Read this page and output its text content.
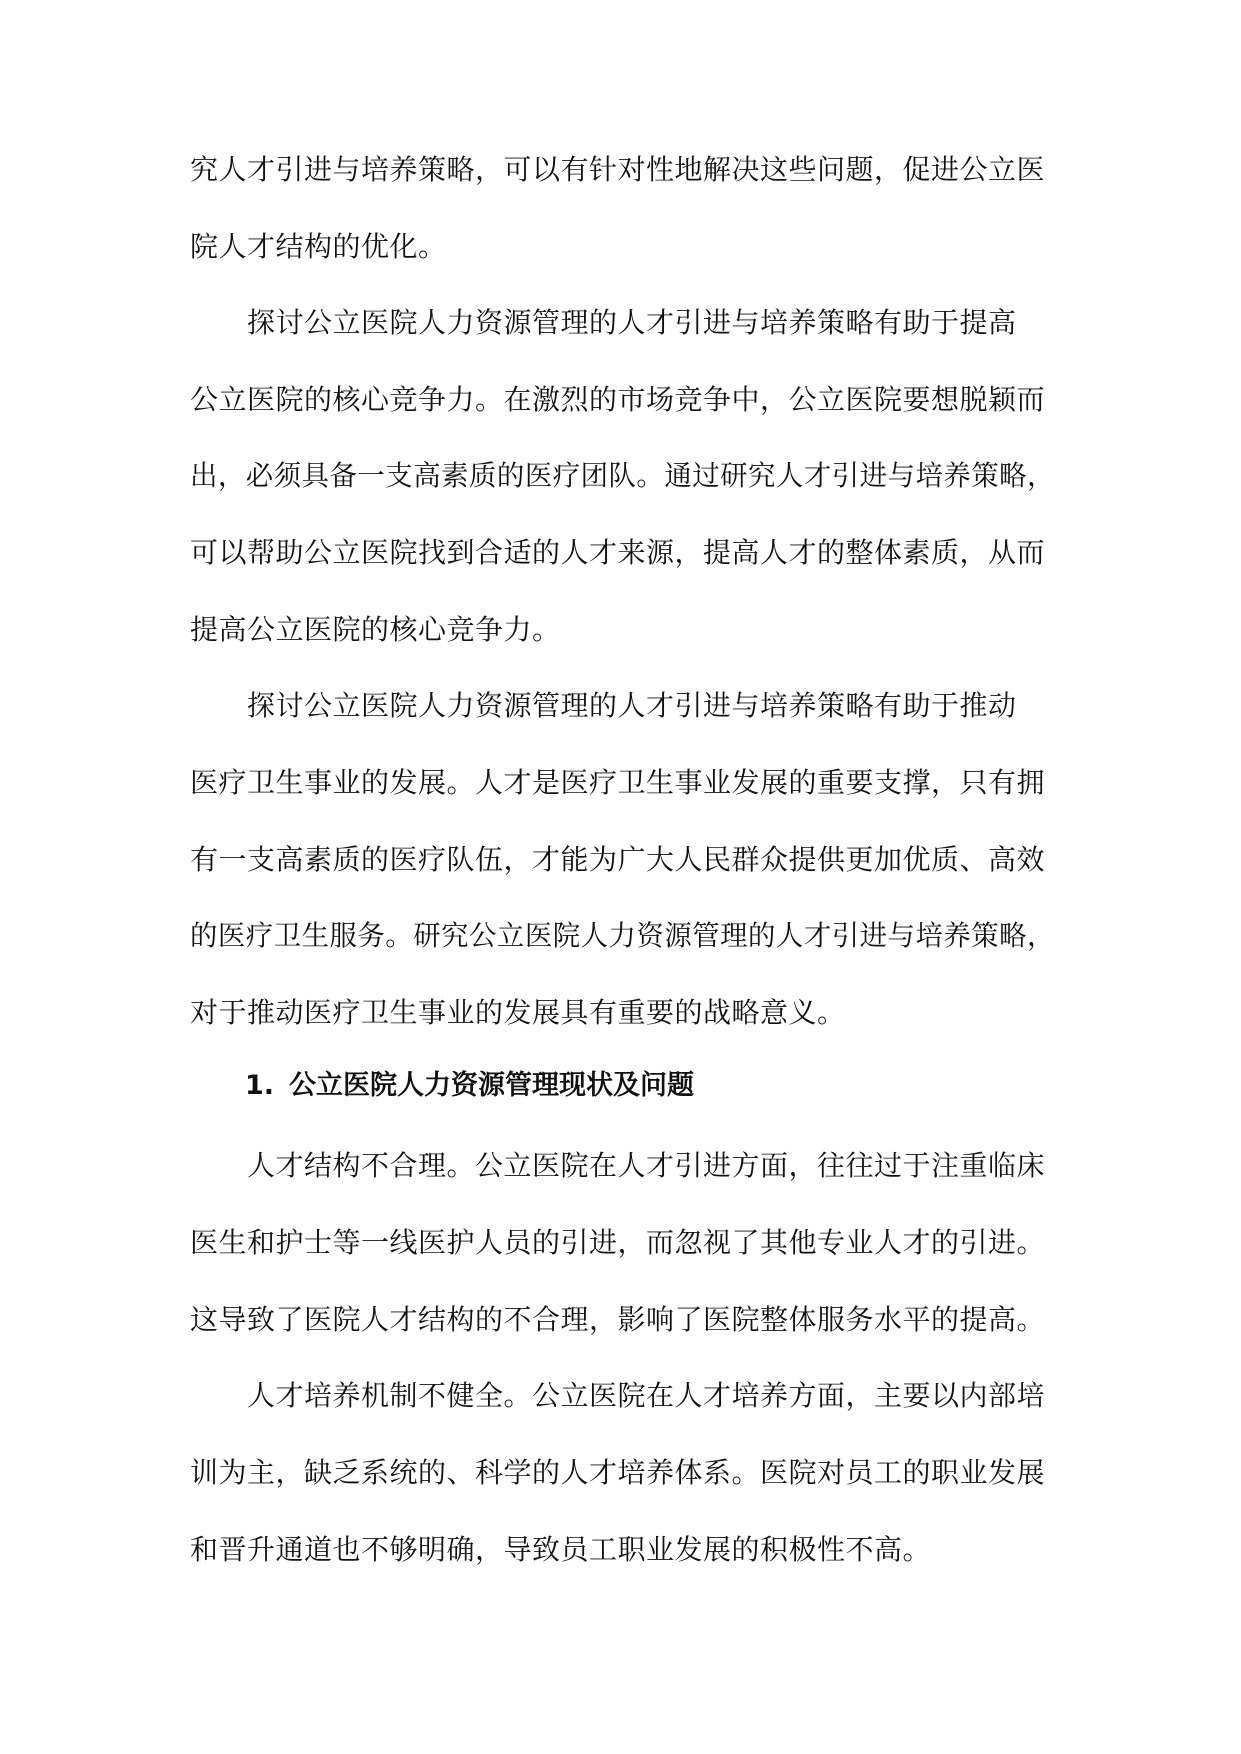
究人才引进与培养策略，可以有针对性地解决这些问题，促进公立医
院人才结构的优化。
探讨公立医院人力资源管理的人才引进与培养策略有助于提高
公立医院的核心竞争力。在激烈的市场竞争中，公立医院要想脱颖而
出，必须具备一支高素质的医疗团队。通过研究人才引进与培养策略，
可以帮助公立医院找到合适的人才来源，提高人才的整体素质，从而
提高公立医院的核心竞争力。
探讨公立医院人力资源管理的人才引进与培养策略有助于推动
医疗卫生事业的发展。人才是医疗卫生事业发展的重要支撑，只有拥
有一支高素质的医疗队伍，才能为广大人民群众提供更加优质、高效
的医疗卫生服务。研究公立医院人力资源管理的人才引进与培养策略，
对于推动医疗卫生事业的发展具有重要的战略意义。
1. 公立医院人力资源管理现状及问题
人才结构不合理。公立医院在人才引进方面，往往过于注重临床
医生和护士等一线医护人员的引进，而忽视了其他专业人才的引进。
这导致了医院人才结构的不合理，影响了医院整体服务水平的提高。
人才培养机制不健全。公立医院在人才培养方面，主要以内部培
训为主，缺乏系统的、科学的人才培养体系。医院对员工的职业发展
和晋升通道也不够明确，导致员工职业发展的积极性不高。
